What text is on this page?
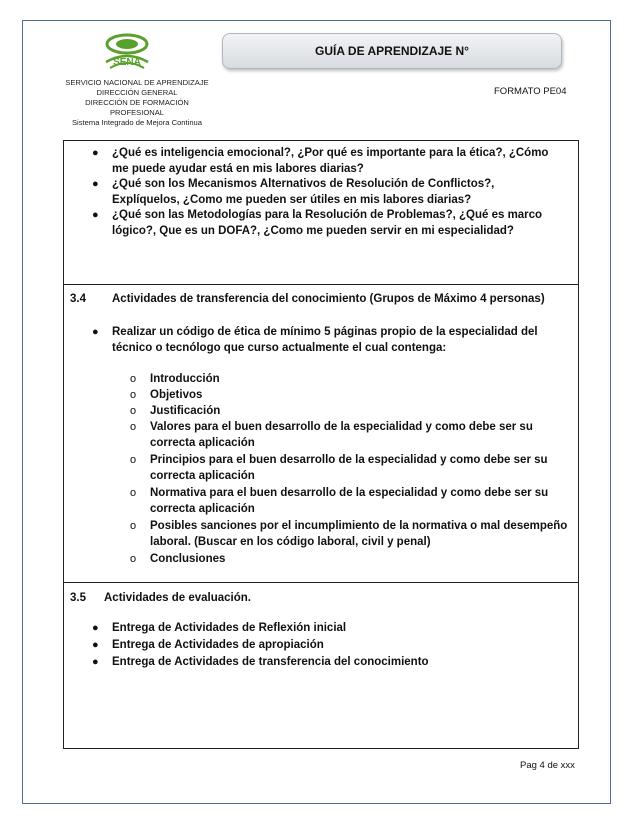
SENA
GUÍA DE APRENDIZAJE N°
SERVICIO NACIONAL DE APRENDIZAJE
DIRECCIÓN GENERAL
DIRECCIÓN DE FORMACIÓN PROFESIONAL
Sistema Integrado de Mejora Continua
FORMATO PE04
● ¿Qué es inteligencia emocional?, ¿Por qué es importante para la ética?, ¿Cómo me puede ayudar está en mis labores diarias?
● ¿Qué son los Mecanismos Alternativos de Resolución de Conflictos?, Explíquelos, ¿Como me pueden ser útiles en mis labores diarias?
● ¿Qué son las Metodologías para la Resolución de Problemas?, ¿Qué es marco lógico?, Que es un DOFA?, ¿Como me pueden servir en mi especialidad?
3.4 Actividades de transferencia del conocimiento (Grupos de Máximo 4 personas)
● Realizar un código de ética de mínimo 5 páginas propio de la especialidad del técnico o tecnólogo que curso actualmente el cual contenga:
o Introducción
o Objetivos
o Justificación
o Valores para el buen desarrollo de la especialidad y como debe ser su correcta aplicación
o Principios para el buen desarrollo de la especialidad y como debe ser su correcta aplicación
o Normativa para el buen desarrollo de la especialidad y como debe ser su correcta aplicación
o Posibles sanciones por el incumplimiento de la normativa o mal desempeño laboral. (Buscar en los código laboral, civil y penal)
o Conclusiones
3.5 Actividades de evaluación.
● Entrega de Actividades de Reflexión inicial
● Entrega de Actividades de apropiación
● Entrega de Actividades de transferencia del conocimiento
Pag 4 de xxx
